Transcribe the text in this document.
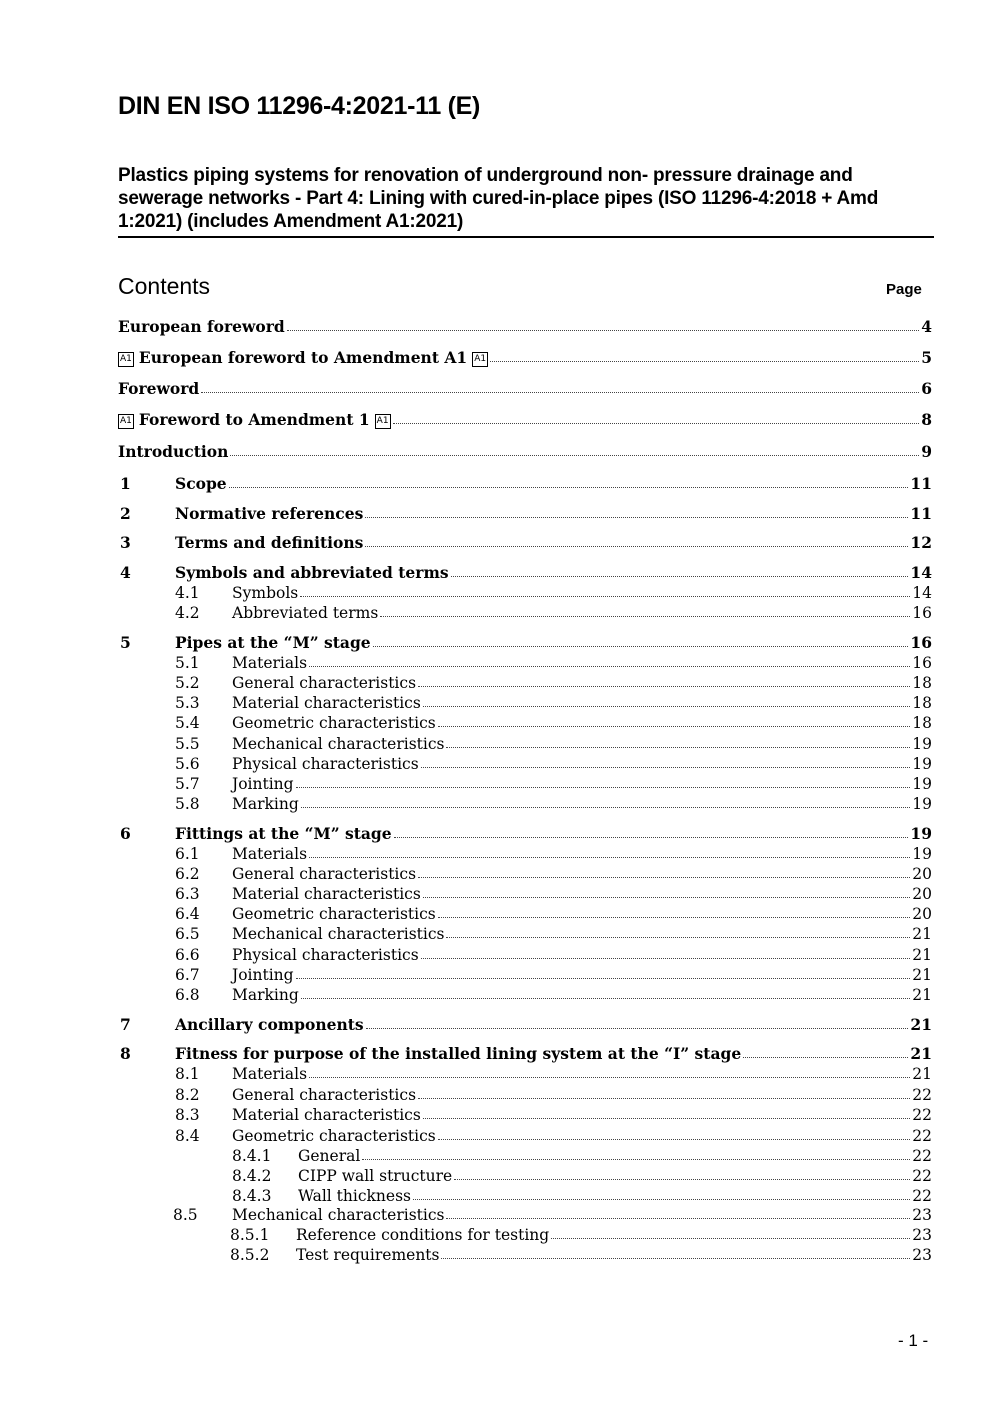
DIN EN ISO 11296-4:2021-11 (E)
Plastics piping systems for renovation of underground non- pressure drainage and sewerage networks - Part 4: Lining with cured-in-place pipes (ISO 11296-4:2018 + Amd 1:2021) (includes Amendment A1:2021)
Contents	Page
European foreword	4
A1 European foreword to Amendment A1 A1	5
Foreword	6
A1 Foreword to Amendment 1 A1	8
Introduction	9
1	Scope	11
2	Normative references	11
3	Terms and definitions	12
4	Symbols and abbreviated terms	14
4.1	Symbols	14
4.2	Abbreviated terms	16
5	Pipes at the “M” stage	16
5.1	Materials	16
5.2	General characteristics	18
5.3	Material characteristics	18
5.4	Geometric characteristics	18
5.5	Mechanical characteristics	19
5.6	Physical characteristics	19
5.7	Jointing	19
5.8	Marking	19
6	Fittings at the “M” stage	19
6.1	Materials	19
6.2	General characteristics	20
6.3	Material characteristics	20
6.4	Geometric characteristics	20
6.5	Mechanical characteristics	21
6.6	Physical characteristics	21
6.7	Jointing	21
6.8	Marking	21
7	Ancillary components	21
8	Fitness for purpose of the installed lining system at the “I” stage	21
8.1	Materials	21
8.2	General characteristics	22
8.3	Material characteristics	22
8.4	Geometric characteristics	22
8.4.1	General	22
8.4.2	CIPP wall structure	22
8.4.3	Wall thickness	22
8.5	Mechanical characteristics	23
8.5.1	Reference conditions for testing	23
8.5.2	Test requirements	23
- 1 -
